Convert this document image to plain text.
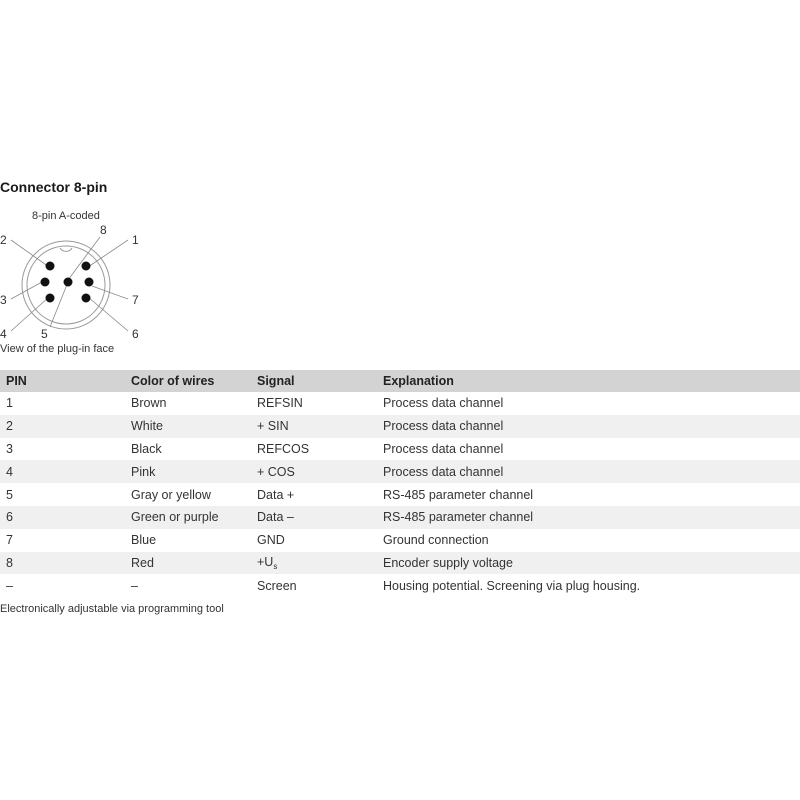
Connector 8-pin
8-pin A-coded
1
2
3
4	5	6
7
8
View of the plug-in face
PIN	Color of wires	Signal	Explanation
1	Brown	REFSIN	Process data channel
2	White	+ SIN	Process data channel
3	Black	REFCOS	Process data channel
4	Pink	+ COS	Process data channel
5	Gray or yellow	Data +	RS-485 parameter channel
6	Green or purple	Data –	RS-485 parameter channel
7	Blue	GND	Ground connection
8	Red	$+U_s$	Encoder supply voltage
–	–	Screen	Housing potential. Screening via plug housing.
Electronically adjustable via programming tool
